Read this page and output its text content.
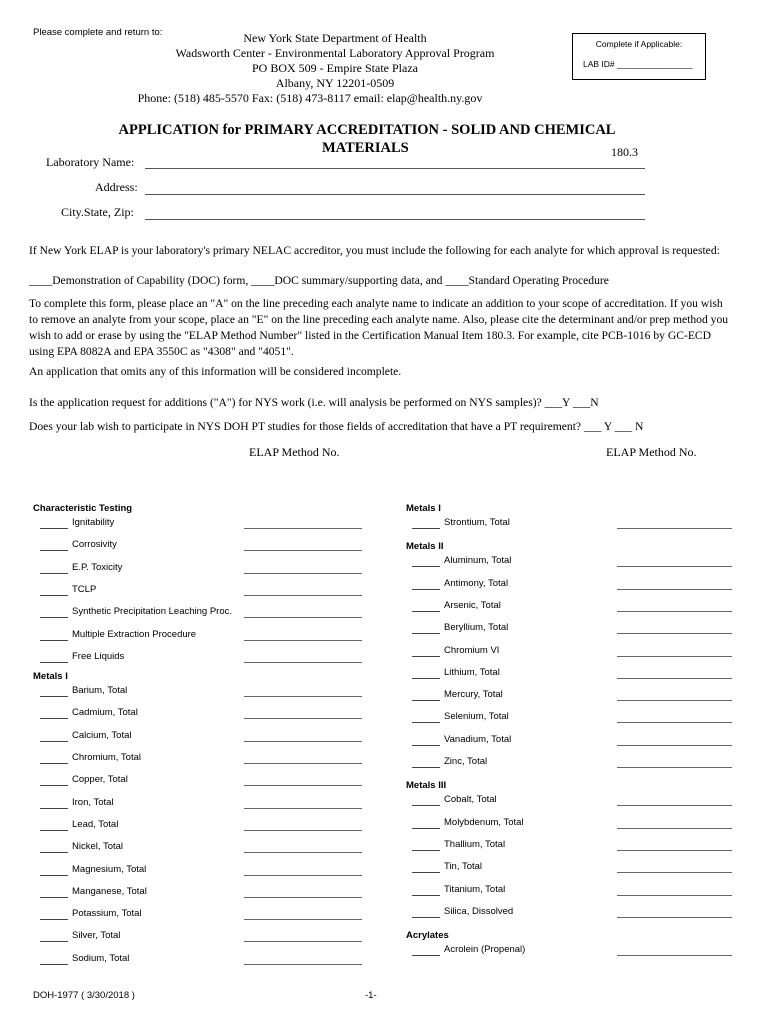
Please complete and return to:	New York State Department of Health
Wadsworth Center - Environmental Laboratory Approval Program
PO BOX 509 - Empire State Plaza
Albany, NY 12201-0509
Phone: (518) 485-5570 Fax: (518) 473-8117 email: elap@health.ny.gov
Complete if Applicable:
LAB ID# ________________
APPLICATION for PRIMARY ACCREDITATION - SOLID AND CHEMICAL
MATERIALS	180.3
Laboratory Name:
Address:
City.State, Zip:
If New York ELAP is your laboratory's primary NELAC accreditor, you must include the following for each analyte for which approval is requested:
____Demonstration of Capability (DOC) form, ____DOC summary/supporting data, and ____Standard Operating Procedure
To complete this form, please place an "A" on the line preceding each analyte name to indicate an addition to your scope of accreditation. If you wish to remove an analyte from your scope, place an "E" on the line preceding each analyte name. Also, please cite the determinant and/or prep method you wish to add or erase by using the "ELAP Method Number" listed in the Certification Manual Item 180.3. For example, cite PCB-1016 by GC-ECD using EPA 8082A and EPA 3550C as "4308" and "4051".
An application that omits any of this information will be considered incomplete.
Is the application request for additions ("A") for NYS work (i.e. will analysis be performed on NYS samples)? ___Y ___N
Does your lab wish to participate in NYS DOH PT studies for those fields of accreditation that have a PT requirement? ___ Y ___ N
ELAP Method No.	ELAP Method No.
Characteristic Testing
Ignitability
Corrosivity
E.P. Toxicity
TCLP
Synthetic Precipitation Leaching Proc.
Multiple Extraction Procedure
Free Liquids
Metals I
Barium, Total
Cadmium, Total
Calcium, Total
Chromium, Total
Copper, Total
Iron, Total
Lead, Total
Nickel, Total
Magnesium, Total
Manganese, Total
Potassium, Total
Silver, Total
Sodium, Total
Metals I
Strontium, Total
Metals II
Aluminum, Total
Antimony, Total
Arsenic, Total
Beryllium, Total
Chromium VI
Lithium, Total
Mercury, Total
Selenium, Total
Vanadium, Total
Zinc, Total
Metals III
Cobalt, Total
Molybdenum, Total
Thallium, Total
Tin, Total
Titanium, Total
Silica, Dissolved
Acrylates
Acrolein (Propenal)
DOH-1977 ( 3/30/2018 )	-1-
